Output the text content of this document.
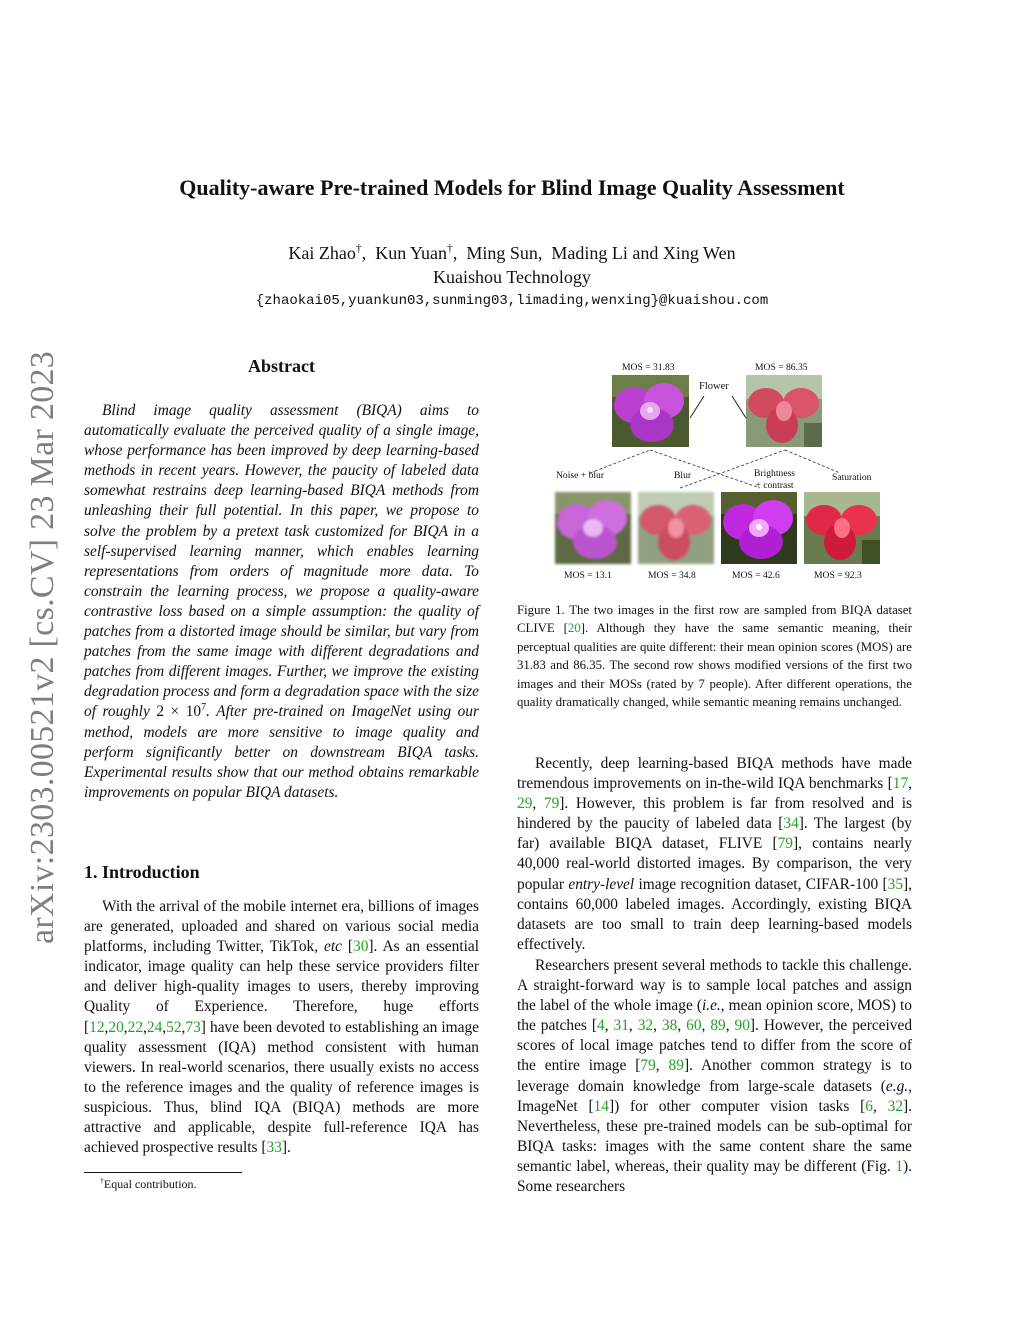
arXiv:2303.00521v2 [cs.CV] 23 Mar 2023
Quality-aware Pre-trained Models for Blind Image Quality Assessment
Kai Zhao†,  Kun Yuan†,  Ming Sun,  Mading Li and Xing Wen
Kuaishou Technology
{zhaokai05,yuankun03,sunming03,limading,wenxing}@kuaishou.com
Abstract
Blind image quality assessment (BIQA) aims to automatically evaluate the perceived quality of a single image, whose performance has been improved by deep learning-based methods in recent years. However, the paucity of labeled data somewhat restrains deep learning-based BIQA methods from unleashing their full potential. In this paper, we propose to solve the problem by a pretext task customized for BIQA in a self-supervised learning manner, which enables learning representations from orders of magnitude more data. To constrain the learning process, we propose a quality-aware contrastive loss based on a simple assumption: the quality of patches from a distorted image should be similar, but vary from patches from the same image with different degradations and patches from different images. Further, we improve the existing degradation process and form a degradation space with the size of roughly $2 \times 10^7$. After pre-trained on ImageNet using our method, models are more sensitive to image quality and perform significantly better on downstream BIQA tasks. Experimental results show that our method obtains remarkable improvements on popular BIQA datasets.
1. Introduction
With the arrival of the mobile internet era, billions of images are generated, uploaded and shared on various social media platforms, including Twitter, TikTok, etc [30]. As an essential indicator, image quality can help these service providers filter and deliver high-quality images to users, thereby improving Quality of Experience. Therefore, huge efforts [12,20,22,24,52,73] have been devoted to establishing an image quality assessment (IQA) method consistent with human viewers. In real-world scenarios, there usually exists no access to the reference images and the quality of reference images is suspicious. Thus, blind IQA (BIQA) methods are more attractive and applicable, despite full-reference IQA has achieved prospective results [33].
†Equal contribution.
MOS = 31.83	MOS = 86.35
Flower
Noise + blur	Blur	Brightness
+ contrast
Saturation
MOS = 13.1	MOS = 34.8	MOS = 42.6	MOS = 92.3
Figure 1. The two images in the first row are sampled from BIQA dataset CLIVE [20]. Although they have the same semantic meaning, their perceptual qualities are quite different: their mean opinion scores (MOS) are 31.83 and 86.35. The second row shows modified versions of the first two images and their MOSs (rated by 7 people). After different operations, the quality dramatically changed, while semantic meaning remains unchanged.

Recently, deep learning-based BIQA methods have made tremendous improvements on in-the-wild IQA benchmarks [17, 29, 79]. However, this problem is far from resolved and is hindered by the paucity of labeled data [34]. The largest (by far) available BIQA dataset, FLIVE [79], contains nearly 40,000 real-world distorted images. By comparison, the very popular entry-level image recognition dataset, CIFAR-100 [35], contains 60,000 labeled images. Accordingly, existing BIQA datasets are too small to train deep learning-based models effectively.

Researchers present several methods to tackle this challenge. A straight-forward way is to sample local patches and assign the label of the whole image (i.e., mean opinion score, MOS) to the patches [4, 31, 32, 38, 60, 89, 90]. However, the perceived scores of local image patches tend to differ from the score of the entire image [79, 89]. Another common strategy is to leverage domain knowledge from large-scale datasets (e.g., ImageNet [14]) for other computer vision tasks [6, 32]. Nevertheless, these pre-trained models can be sub-optimal for BIQA tasks: images with the same content share the same semantic label, whereas, their quality may be different (Fig. 1). Some researchers
